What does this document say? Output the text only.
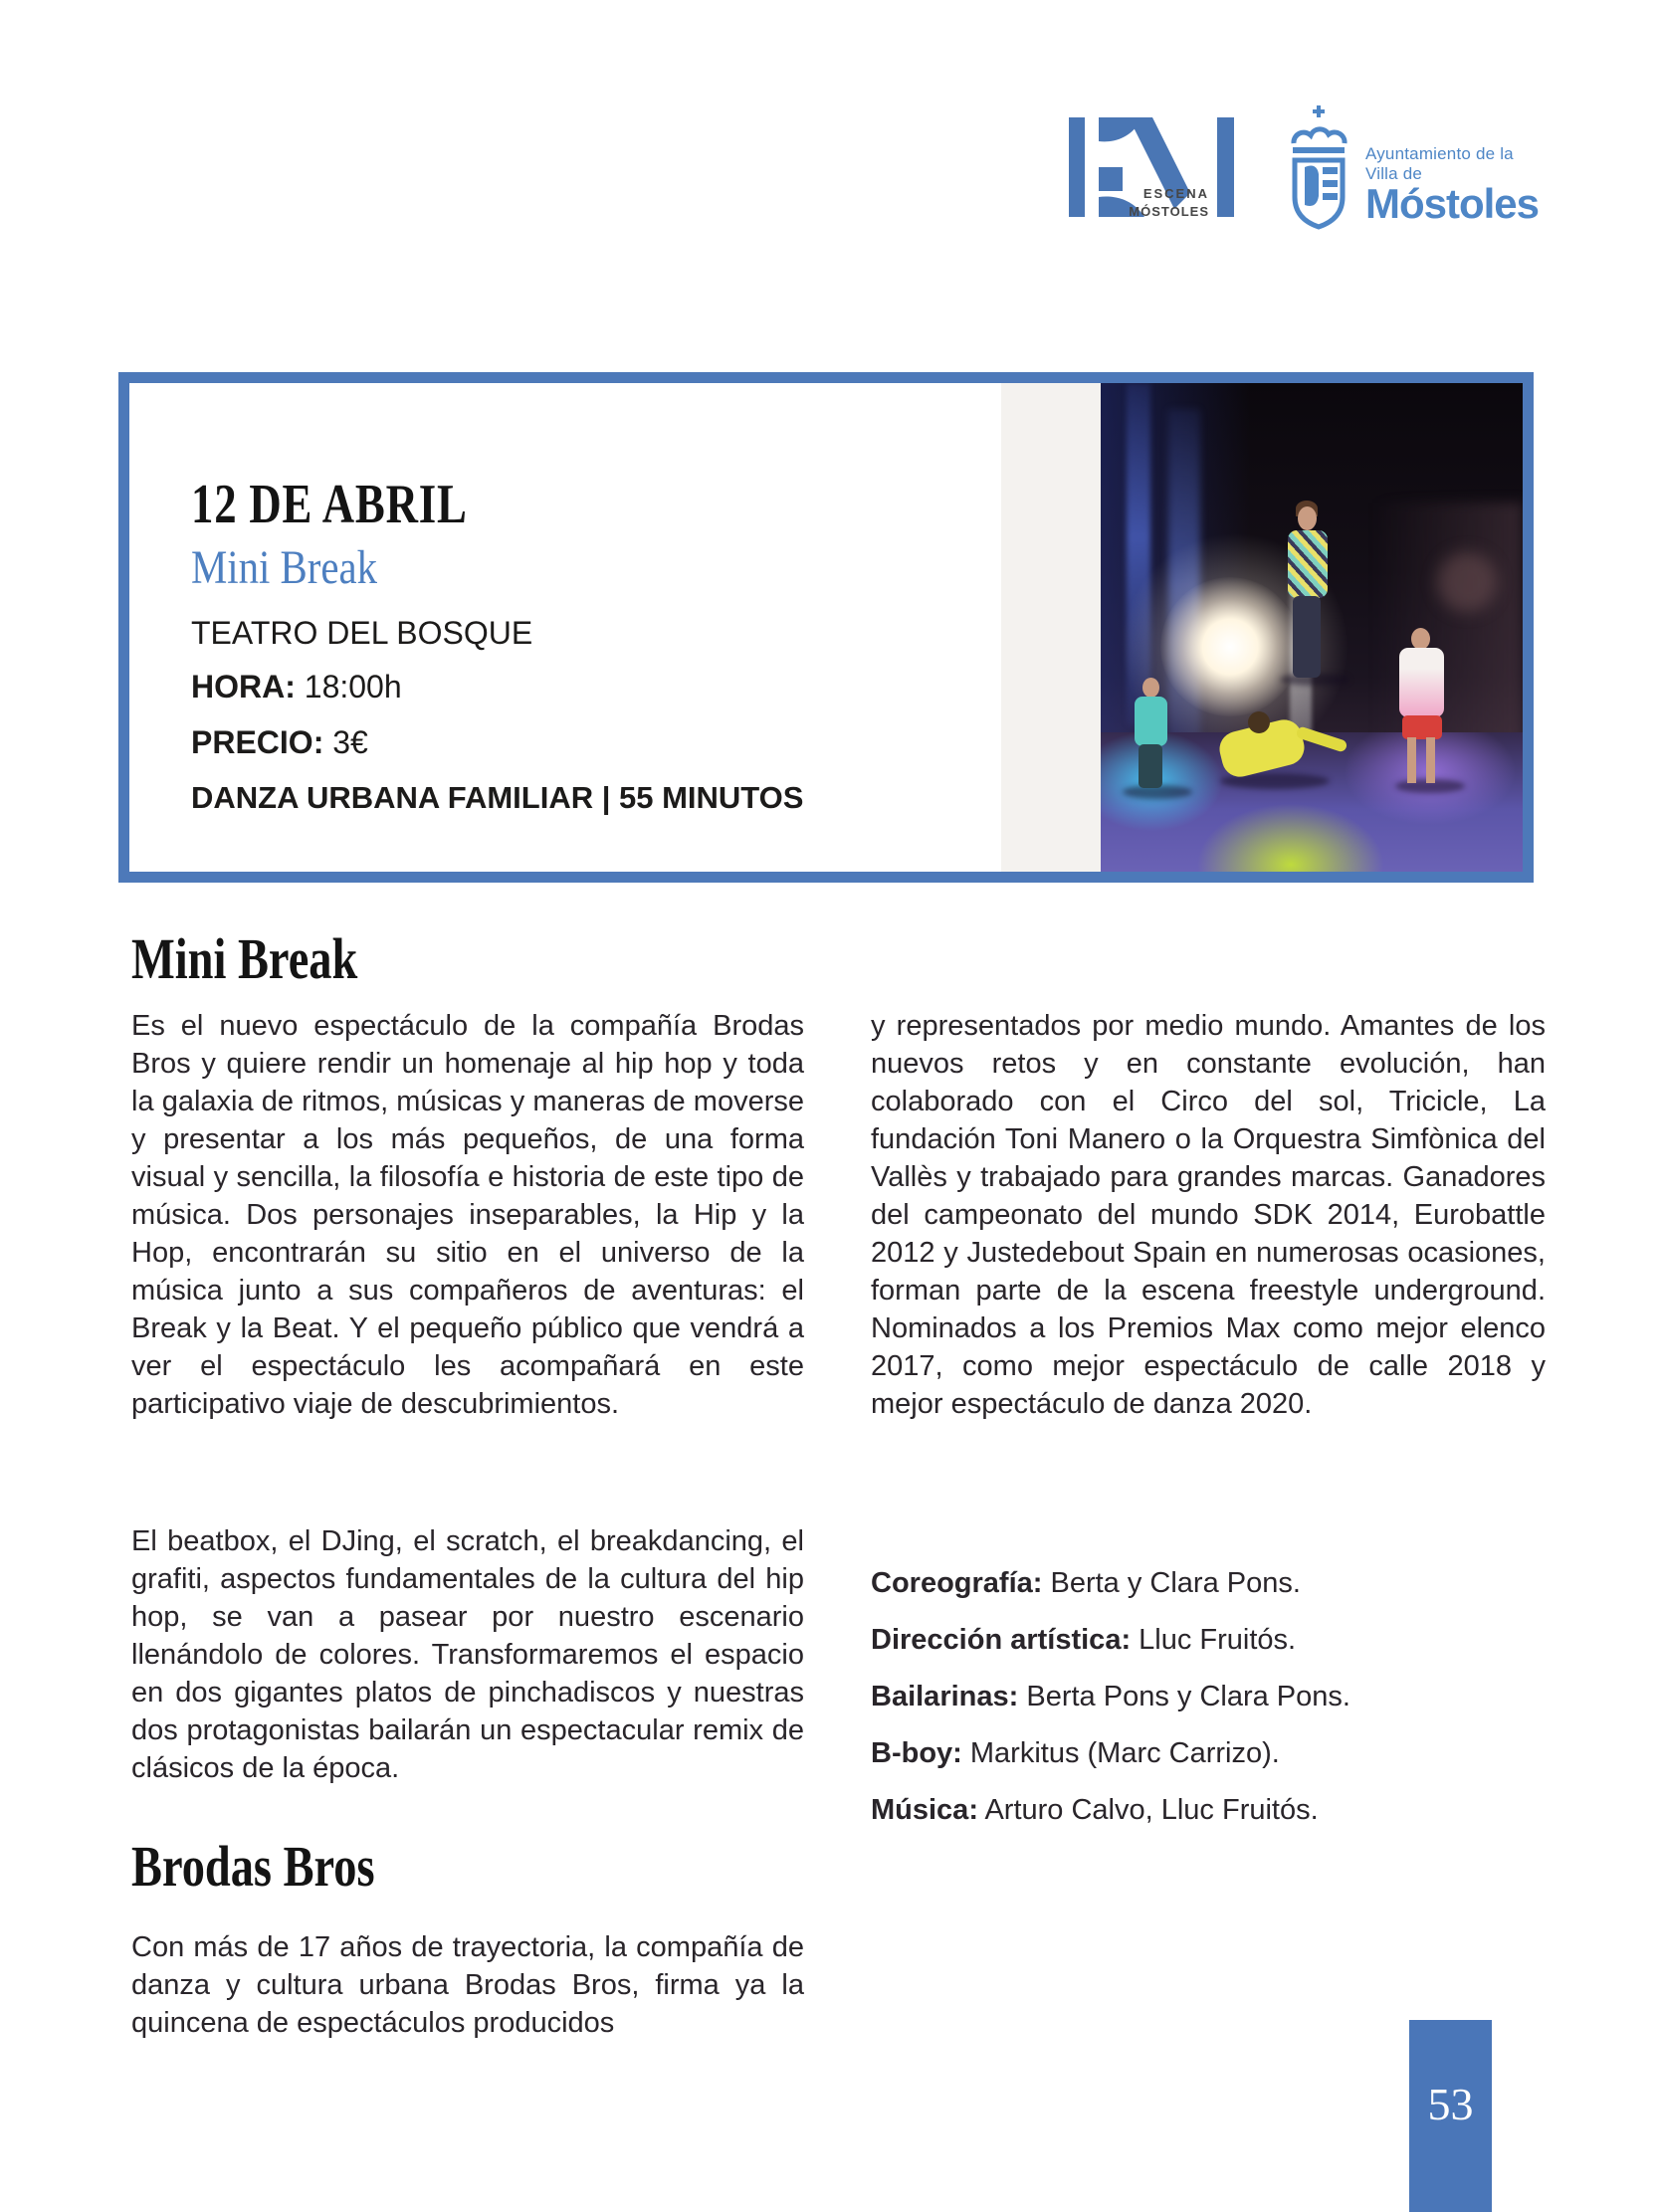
ESCENA
MÓSTOLES
Ayuntamiento de la Villa de
Móstoles
12 DE ABRIL
Mini Break
TEATRO DEL BOSQUE
HORA: 18:00h
PRECIO: 3€
DANZA URBANA FAMILIAR | 55 MINUTOS
Mini Break

Es el nuevo espectáculo de la compañía Brodas Bros y quiere rendir un homenaje al hip hop y toda la galaxia de ritmos, músicas y maneras de moverse y presentar a los más pequeños, de una forma visual y sencilla, la filosofía e historia de este tipo de música. Dos personajes inseparables, la Hip y la Hop, encontrarán su sitio en el universo de la música junto a sus compañeros de aventuras: el Break y la Beat. Y el pequeño público que vendrá a ver el espectáculo les acompañará en este participativo viaje de descubrimientos.

El beatbox, el DJing, el scratch, el breakdancing, el grafiti, aspectos fundamentales de la cultura del hip hop, se van a pasear por nuestro escenario llenándolo de colores. Transformaremos el espacio en dos gigantes platos de pinchadiscos y nuestras dos protagonistas bailarán un espectacular remix de clásicos de la época.

Brodas Bros

Con más de 17 años de trayectoria, la compañía de danza y cultura urbana Brodas Bros, firma ya la quincena de espectáculos producidos

y representados por medio mundo. Amantes de los nuevos retos y en constante evolución, han colaborado con el Circo del sol, Tricicle, La fundación Toni Manero o la Orquestra Simfònica del Vallès y trabajado para grandes marcas. Ganadores del campeonato del mundo SDK 2014, Eurobattle 2012 y Justedebout Spain en numerosas ocasiones, forman parte de la escena freestyle underground. Nominados a los Premios Max como mejor elenco 2017, como mejor espectáculo de calle 2018 y mejor espectáculo de danza 2020.

Coreografía: Berta y Clara Pons.
Dirección artística: Lluc Fruitós.
Bailarinas: Berta Pons y Clara Pons.
B-boy: Markitus (Marc Carrizo).
Música: Arturo Calvo, Lluc Fruitós.
53
